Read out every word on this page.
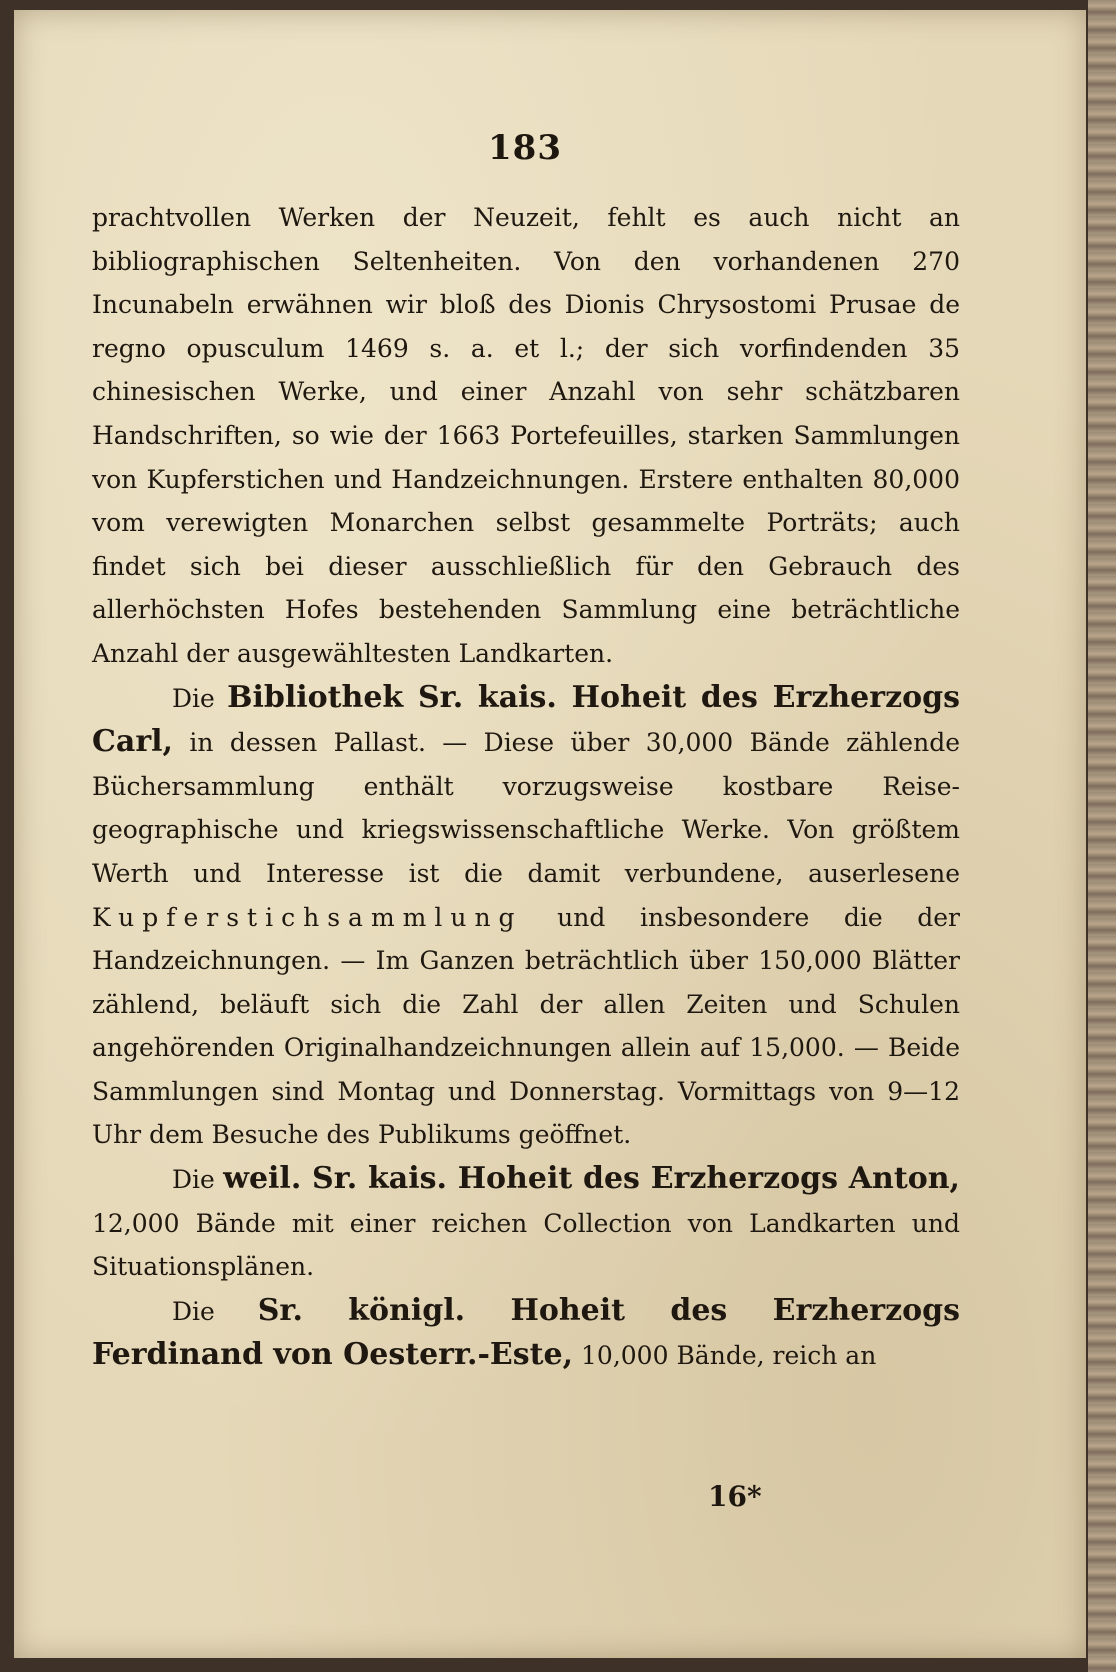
183

prachtvollen Werken der Neuzeit, fehlt es auch nicht an bibliographischen Seltenheiten. Von den vorhandenen 270 Incunabeln erwähnen wir bloß des Dionis Chrysostomi Prusae de regno opusculum 1469 s. a. et l.; der sich vorfindenden 35 chinesischen Werke, und einer Anzahl von sehr schätzbaren Handschriften, so wie der 1663 Portefeuilles, starken Sammlungen von Kupferstichen und Handzeichnungen. Erstere enthalten 80,000 vom verewigten Monarchen selbst gesammelte Porträts; auch findet sich bei dieser ausschließlich für den Gebrauch des allerhöchsten Hofes bestehenden Sammlung eine beträchtliche Anzahl der ausgewähltesten Landkarten.

Die Bibliothek Sr. kais. Hoheit des Erzherzogs Carl, in dessen Pallast. — Diese über 30,000 Bände zählende Büchersammlung enthält vorzugsweise kostbare Reise- geographische und kriegswissenschaftliche Werke. Von größtem Werth und Interesse ist die damit verbundene, auserlesene Kupferstichsammlung und insbesondere die der Handzeichnungen. — Im Ganzen beträchtlich über 150,000 Blätter zählend, beläuft sich die Zahl der allen Zeiten und Schulen angehörenden Originalhandzeichnungen allein auf 15,000. — Beide Sammlungen sind Montag und Donnerstag. Vormittags von 9—12 Uhr dem Besuche des Publikums geöffnet.

Die weil. Sr. kais. Hoheit des Erzherzogs Anton, 12,000 Bände mit einer reichen Collection von Landkarten und Situationsplänen.

Die Sr. königl. Hoheit des Erzherzogs Ferdinand von Oesterr.-Este, 10,000 Bände, reich an

16*
